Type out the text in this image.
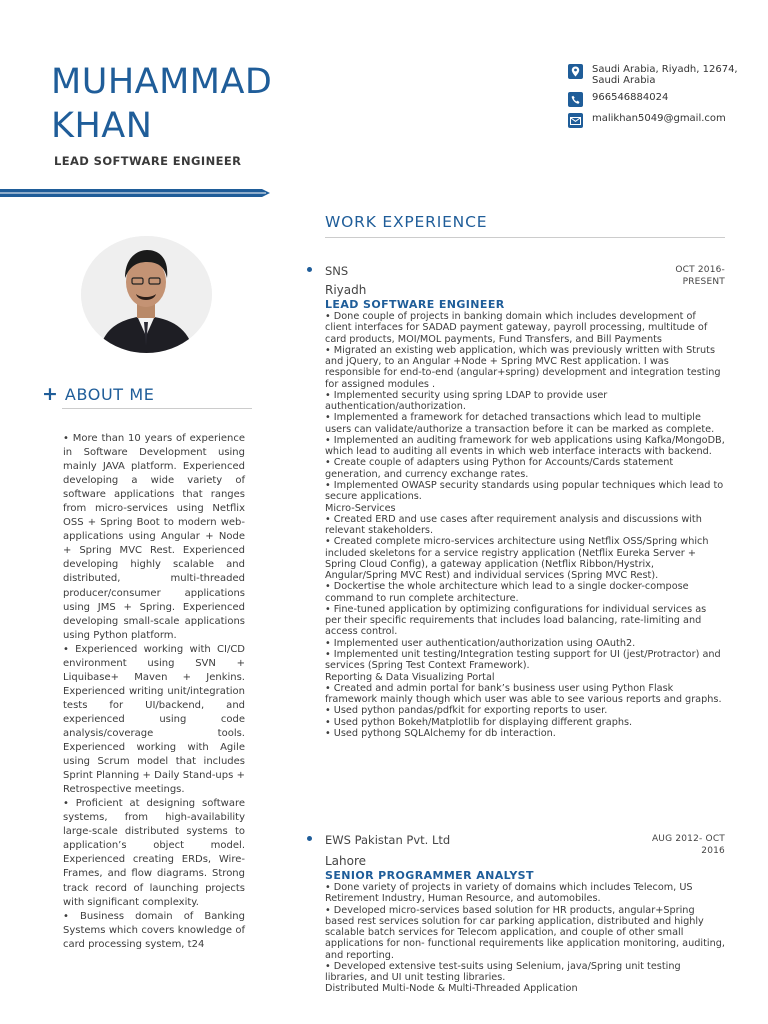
MUHAMMAD
KHAN
LEAD SOFTWARE ENGINEER
Saudi Arabia, Riyadh, 12674, Saudi Arabia
966546884024
malikhan5049@gmail.com
+ ABOUT ME

• More than 10 years of experience in Software Development using mainly JAVA platform. Experienced developing a wide variety of software applications that ranges from micro-services using Netflix OSS + Spring Boot to modern web-applications using Angular + Node + Spring MVC Rest. Experienced developing highly scalable and distributed, multi-threaded producer/consumer applications using JMS + Spring. Experienced developing small-scale applications using Python platform.

• Experienced working with CI/CD environment using SVN + Liquibase+ Maven + Jenkins. Experienced writing unit/integration tests for UI/backend, and experienced using code analysis/coverage tools. Experienced working with Agile using Scrum model that includes Sprint Planning + Daily Stand-ups + Retrospective meetings.

• Proficient at designing software systems, from high-availability large-scale distributed systems to application’s object model. Experienced creating ERDs, Wire-Frames, and flow diagrams. Strong track record of launching projects with significant complexity.

• Business domain of Banking Systems which covers knowledge of card processing system, t24

WORK EXPERIENCE
SNS	OCT 2016- PRESENT
Riyadh
LEAD SOFTWARE ENGINEER
• Done couple of projects in banking domain which includes development of client interfaces for SADAD payment gateway, payroll processing, multitude of card products, MOI/MOL payments, Fund Transfers, and Bill Payments
• Migrated an existing web application, which was previously written with Struts and jQuery, to an Angular +Node + Spring MVC Rest application. I was responsible for end-to-end (angular+spring) development and integration testing for assigned modules .
• Implemented security using spring LDAP to provide user authentication/authorization.
• Implemented a framework for detached transactions which lead to multiple users can validate/authorize a transaction before it can be marked as complete.
• Implemented an auditing framework for web applications using Kafka/MongoDB, which lead to auditing all events in which web interface interacts with backend.
• Create couple of adapters using Python for Accounts/Cards statement generation, and currency exchange rates.
• Implemented OWASP security standards using popular techniques which lead to secure applications.
Micro-Services
• Created ERD and use cases after requirement analysis and discussions with relevant stakeholders.
• Created complete micro-services architecture using Netflix OSS/Spring which included skeletons for a service registry application (Netflix Eureka Server + Spring Cloud Config), a gateway application (Netflix Ribbon/Hystrix, Angular/Spring MVC Rest) and individual services (Spring MVC Rest).
• Dockertise the whole architecture which lead to a single docker-compose command to run complete architecture.
• Fine-tuned application by optimizing configurations for individual services as per their specific requirements that includes load balancing, rate-limiting and access control.
• Implemented user authentication/authorization using OAuth2.
• Implemented unit testing/Integration testing support for UI (jest/Protractor) and services (Spring Test Context Framework).
Reporting & Data Visualizing Portal
• Created and admin portal for bank’s business user using Python Flask framework mainly though which user was able to see various reports and graphs.
• Used python pandas/pdfkit for exporting reports to user.
• Used python Bokeh/Matplotlib for displaying different graphs.
• Used pythong SQLAlchemy for db interaction.
EWS Pakistan Pvt. Ltd	AUG 2012- OCT 2016
Lahore
SENIOR PROGRAMMER ANALYST
• Done variety of projects in variety of domains which includes Telecom, US Retirement Industry, Human Resource, and automobiles.
• Developed micro-services based solution for HR products, angular+Spring based rest services solution for car parking application, distributed and highly scalable batch services for Telecom application, and couple of other small applications for non- functional requirements like application monitoring, auditing, and reporting.
• Developed extensive test-suits using Selenium, java/Spring unit testing libraries, and UI unit testing libraries.
Distributed Multi-Node & Multi-Threaded Application
